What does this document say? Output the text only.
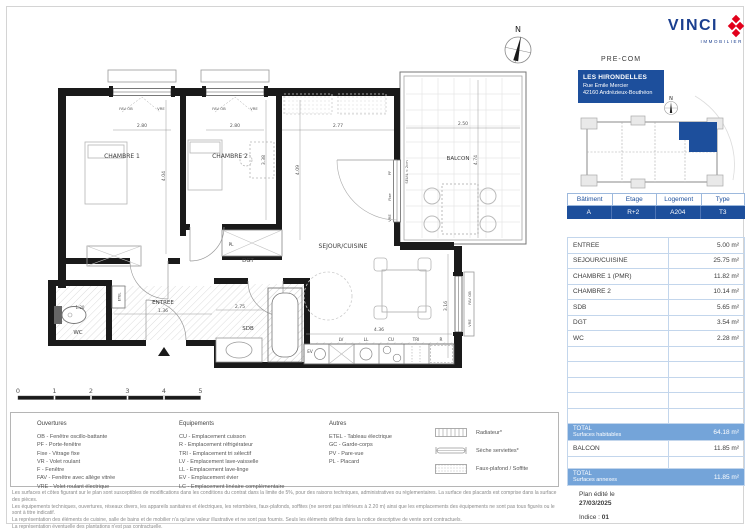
CHAMBRE 1	CHAMBRE 2
SEJOUR/CUISINE
BALCON
DGT
ENTREE
WC
SDB
PL
ETEL
2.80	2.80	2.77	2.50
4.04
3.38
4.09
4.74
3.16
4.36
1.36
2.75
1.20
SEUIL < 2cm
FAV OB	VRE	FAV OB	VRE
PF
Fixe
VRE
FAV OB
VRE
EV
LV	LL	CU	TRI	R
N
0	1	2	3	4	5
Ouvertures
OB - Fenêtre oscillo-battante
PF - Porte-fenêtre
Fixe - Vitrage fixe
VR - Volet roulant
F - Fenêtre
FAV - Fenêtre avec allège vitrée
VRE - Volet roulant électrique
Equipements
CU - Emplacement cuisson
R - Emplacement réfrigérateur
TRI - Emplacement tri sélectif
LV - Emplacement lave-vaisselle
LL - Emplacement lave-linge
EV - Emplacement évier
LC - Emplacement linéaire complémentaire
Autres
ETEL - Tableau électrique
GC - Garde-corps
PV - Pare-vue
PL - Placard
Radiateur*
Sèche serviettes*
Faux-plafond / Soffite
Les surfaces et côtes figurant sur le plan sont susceptibles de modifications dans les conditions du contrat dans la limite de 5%, pour des raisons techniques, administratives ou réglementaires. La surface des placards est comprise dans la surface des pièces.
Les équipements techniques, ouvertures, réseaux divers, les appareils sanitaires et électriques, les retombées, faux-plafonds, soffites (ne seront pas inférieurs à 2.20 m) ainsi que les emplacements des équipements ne sont pas tous figurés ou le sont à titre indicatif.
La représentation des éléments de cuisine, salle de bains et de mobilier n'a qu'une valeur illustrative et ne sont pas fournis. Seuls les éléments définis dans la notice descriptive de vente sont contractuels.
La représentation éventuelle des plantations n'est pas contractuelle.
VINCI
IMMOBILIER
PRE-COM
LES HIRONDELLES
Rue Emile Mercier
42160 Andrézieux-Bouthéon
N
Bâtiment	Etage	Logement	Type
A	R+2	A204	T3
ENTREE	5.00 m²
SEJOUR/CUISINE	25.75 m²
CHAMBRE 1 (PMR)	11.82 m²
CHAMBRE 2	10.14 m²
SDB	5.65 m²
DGT	3.54 m²
WC	2.28 m²
TOTAL
Surfaces habitables	64.18 m²
BALCON	11.85 m²
TOTAL
Surfaces annexes	11.85 m²
Plan édité le
27/03/2025
Indice : 01
